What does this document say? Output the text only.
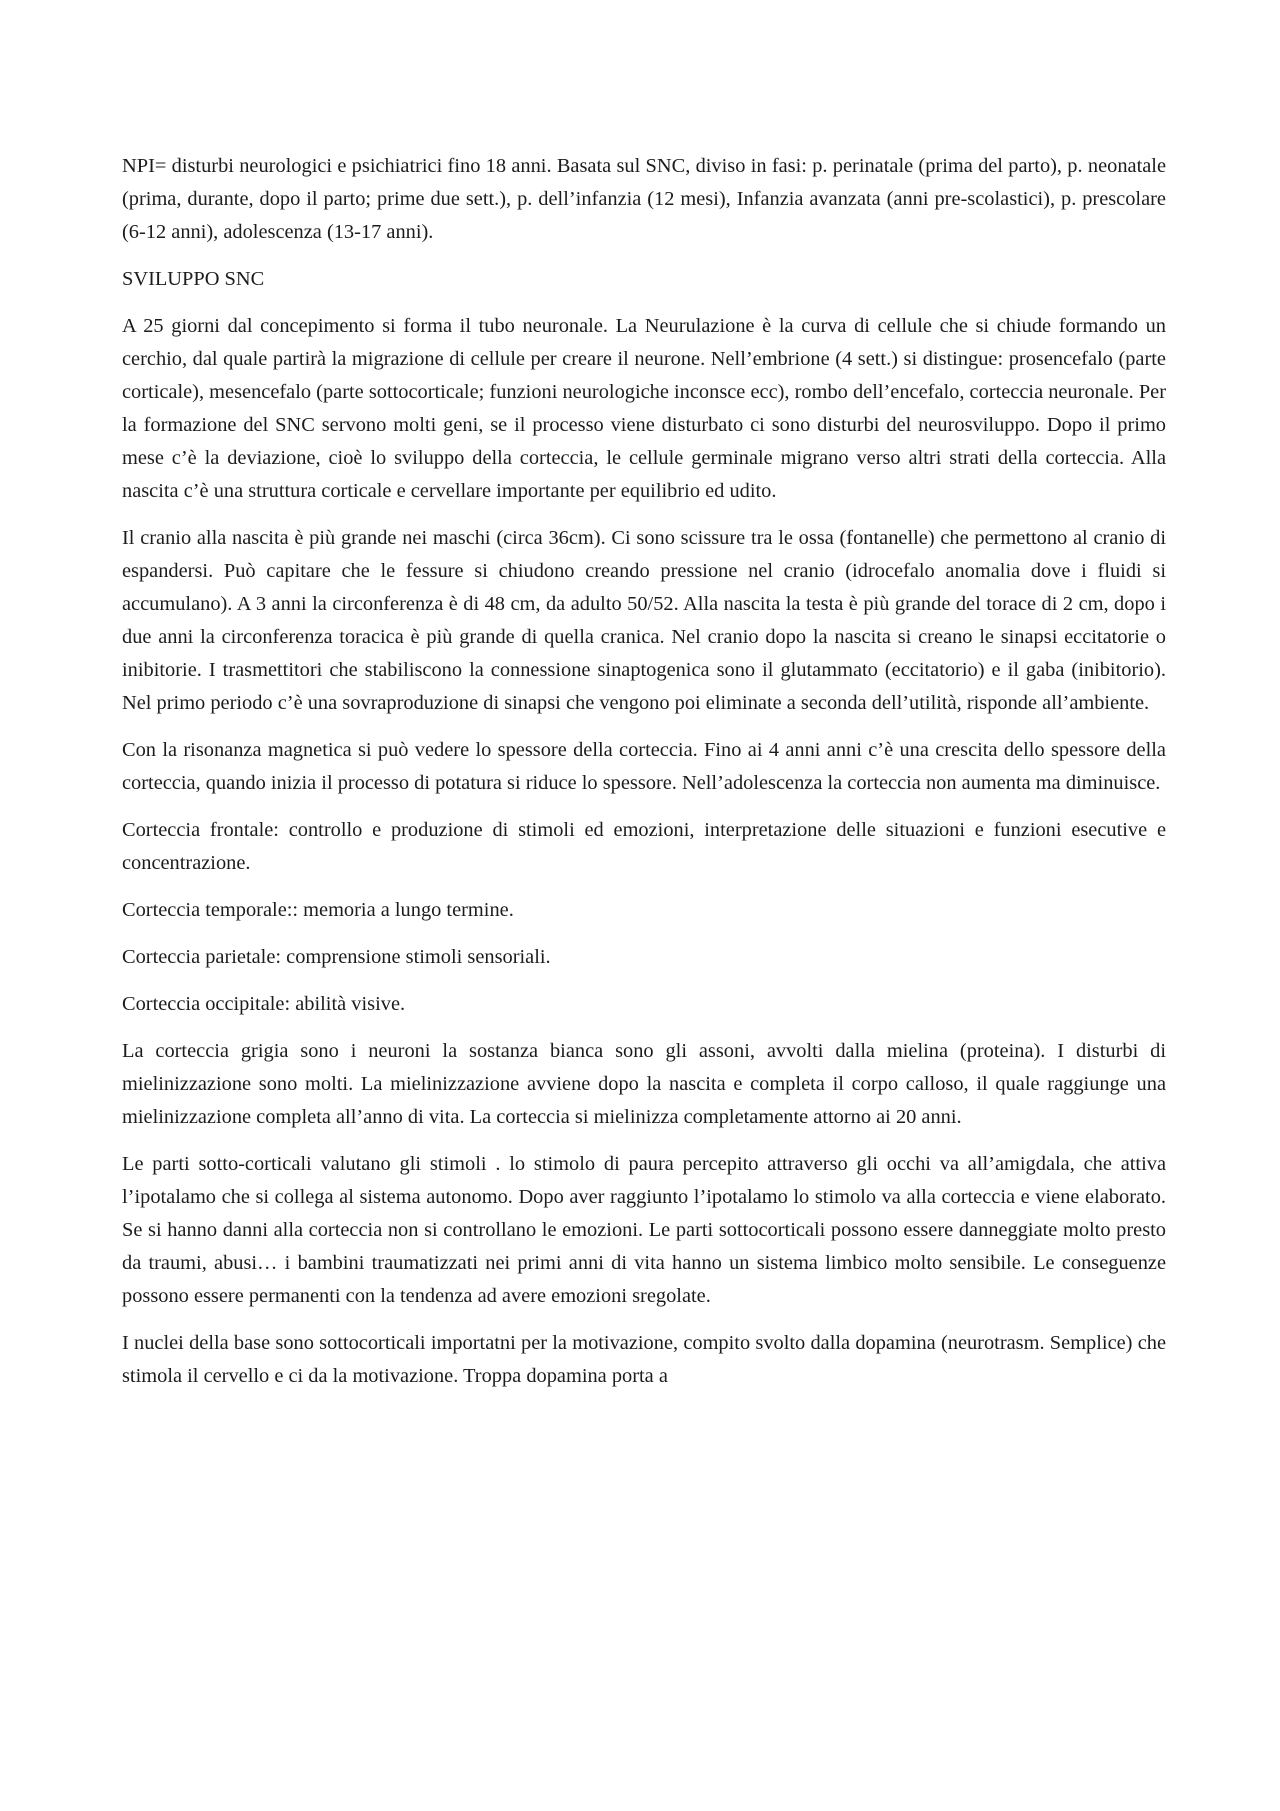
NPI= disturbi neurologici e psichiatrici fino 18 anni. Basata sul SNC, diviso in fasi: p. perinatale (prima del parto), p. neonatale (prima, durante, dopo il parto; prime due sett.), p. dell’infanzia (12 mesi), Infanzia avanzata (anni pre-scolastici), p. prescolare (6-12 anni), adolescenza (13-17 anni).

SVILUPPO SNC

A 25 giorni dal concepimento si forma il tubo neuronale. La Neurulazione è la curva di cellule che si chiude formando un cerchio, dal quale partirà la migrazione di cellule per creare il neurone. Nell’embrione (4 sett.) si distingue: prosencefalo (parte corticale), mesencefalo (parte sottocorticale; funzioni neurologiche inconsce ecc), rombo dell’encefalo, corteccia neuronale. Per la formazione del SNC servono molti geni, se il processo viene disturbato ci sono disturbi del neurosviluppo. Dopo il primo mese c’è la deviazione, cioè lo sviluppo della corteccia, le cellule germinale migrano verso altri strati della corteccia. Alla nascita c’è una struttura corticale e cervellare importante per equilibrio ed udito.

Il cranio alla nascita è più grande nei maschi (circa 36cm). Ci sono scissure tra le ossa (fontanelle) che permettono al cranio di espandersi. Può capitare che le fessure si chiudono creando pressione nel cranio (idrocefalo anomalia dove i fluidi si accumulano). A 3 anni la circonferenza è di 48 cm, da adulto 50/52. Alla nascita la testa è più grande del torace di 2 cm, dopo i due anni la circonferenza toracica è più grande di quella cranica. Nel cranio dopo la nascita si creano le sinapsi eccitatorie o inibitorie. I trasmettitori che stabiliscono la connessione sinaptogenica sono il glutammato (eccitatorio) e il gaba (inibitorio). Nel primo periodo c’è una sovraproduzione di sinapsi che vengono poi eliminate a seconda dell’utilità, risponde all’ambiente.

Con la risonanza magnetica si può vedere lo spessore della corteccia. Fino ai 4 anni anni c’è una crescita dello spessore della corteccia, quando inizia il processo di potatura si riduce lo spessore. Nell’adolescenza la corteccia non aumenta ma diminuisce.

Corteccia frontale: controllo e produzione di stimoli ed emozioni, interpretazione delle situazioni e funzioni esecutive e concentrazione.

Corteccia temporale:: memoria a lungo termine.

Corteccia parietale: comprensione stimoli sensoriali.

Corteccia occipitale: abilità visive.

La corteccia grigia sono i neuroni la sostanza bianca sono gli assoni, avvolti dalla mielina (proteina). I disturbi di mielinizzazione sono molti. La mielinizzazione avviene dopo la nascita e completa il corpo calloso, il quale raggiunge una mielinizzazione completa all’anno di vita. La corteccia si mielinizza completamente attorno ai 20 anni.

Le parti sotto-corticali valutano gli stimoli . lo stimolo di paura percepito attraverso gli occhi va all’amigdala, che attiva l’ipotalamo che si collega al sistema autonomo. Dopo aver raggiunto l’ipotalamo lo stimolo va alla corteccia e viene elaborato. Se si hanno danni alla corteccia non si controllano le emozioni. Le parti sottocorticali possono essere danneggiate molto presto da traumi, abusi… i bambini traumatizzati nei primi anni di vita hanno un sistema limbico molto sensibile. Le conseguenze possono essere permanenti con la tendenza ad avere emozioni sregolate.

I nuclei della base sono sottocorticali importatni per la motivazione, compito svolto dalla dopamina (neurotrasm. Semplice) che stimola il cervello e ci da la motivazione. Troppa dopamina porta a
